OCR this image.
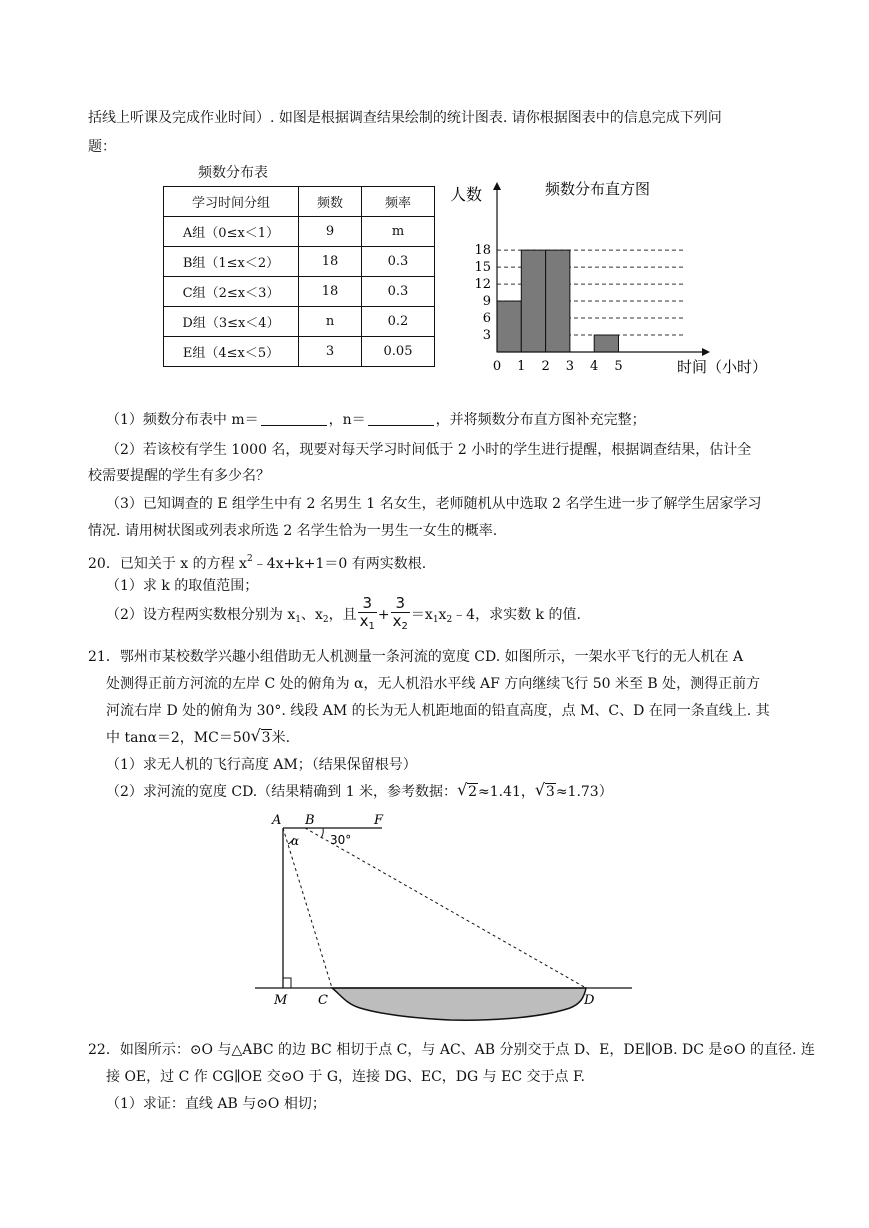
括线上听课及完成作业时间）. 如图是根据调查结果绘制的统计图表. 请你根据图表中的信息完成下列问
题：
频数分布表
学习时间分组	频数	频率
A组（0≤x＜1）	9	m
B组（1≤x＜2）	18	0.3
C组（2≤x＜3）	18	0.3
D组（3≤x＜4）	n	0.2
E组（4≤x＜5）	3	0.05
3
6
9
12
15
18
0 1 2 3 4 5
人数	频数分布直方图
时间（小时）
（1）频数分布表中 m＝	，n＝	，并将频数分布直方图补充完整；
（2）若该校有学生 1000 名，现要对每天学习时间低于 2 小时的学生进行提醒，根据调查结果，估计全
校需要提醒的学生有多少名？
（3）已知调查的 E 组学生中有 2 名男生 1 名女生，老师随机从中选取 2 名学生进一步了解学生居家学习
情况. 请用树状图或列表求所选 2 名学生恰为一男生一女生的概率.
20．已知关于 x 的方程 $x^2﹣4x+k+1=0$ 有两实数根.
（1）求 k 的取值范围；
（2）设方程两实数根分别为 $x_1$、$x_2$，且 $\frac{3}{x_1} + \frac{3}{x_2}$ $=x_1x_2﹣4$，求实数 k 的值.
21．鄂州市某校数学兴趣小组借助无人机测量一条河流的宽度 CD. 如图所示，一架水平飞行的无人机在 A
处测得正前方河流的左岸 C 处的俯角为 α，无人机沿水平线 AF 方向继续飞行 50 米至 B 处，测得正前方
河流右岸 D 处的俯角为 30°. 线段 AM 的长为无人机距地面的铅直高度，点 M、C、D 在同一条直线上. 其
中 tanα＝2，MC＝50 √ 3米.
（1）求无人机的飞行高度 AM；（结果保留根号）
（2）求河流的宽度 CD.（结果精确到 1 米，参考数据： √ 2≈1.41， √ 3≈1.73）
A B	F
α	30°
M C	D
22．如图所示：⊙O 与△ABC 的边 BC 相切于点 C，与 AC、AB 分别交于点 D、E，DE∥OB. DC 是⊙O 的直径. 连
接 OE，过 C 作 CG∥OE 交⊙O 于 G，连接 DG、EC，DG 与 EC 交于点 F.
（1）求证：直线 AB 与⊙O 相切；
